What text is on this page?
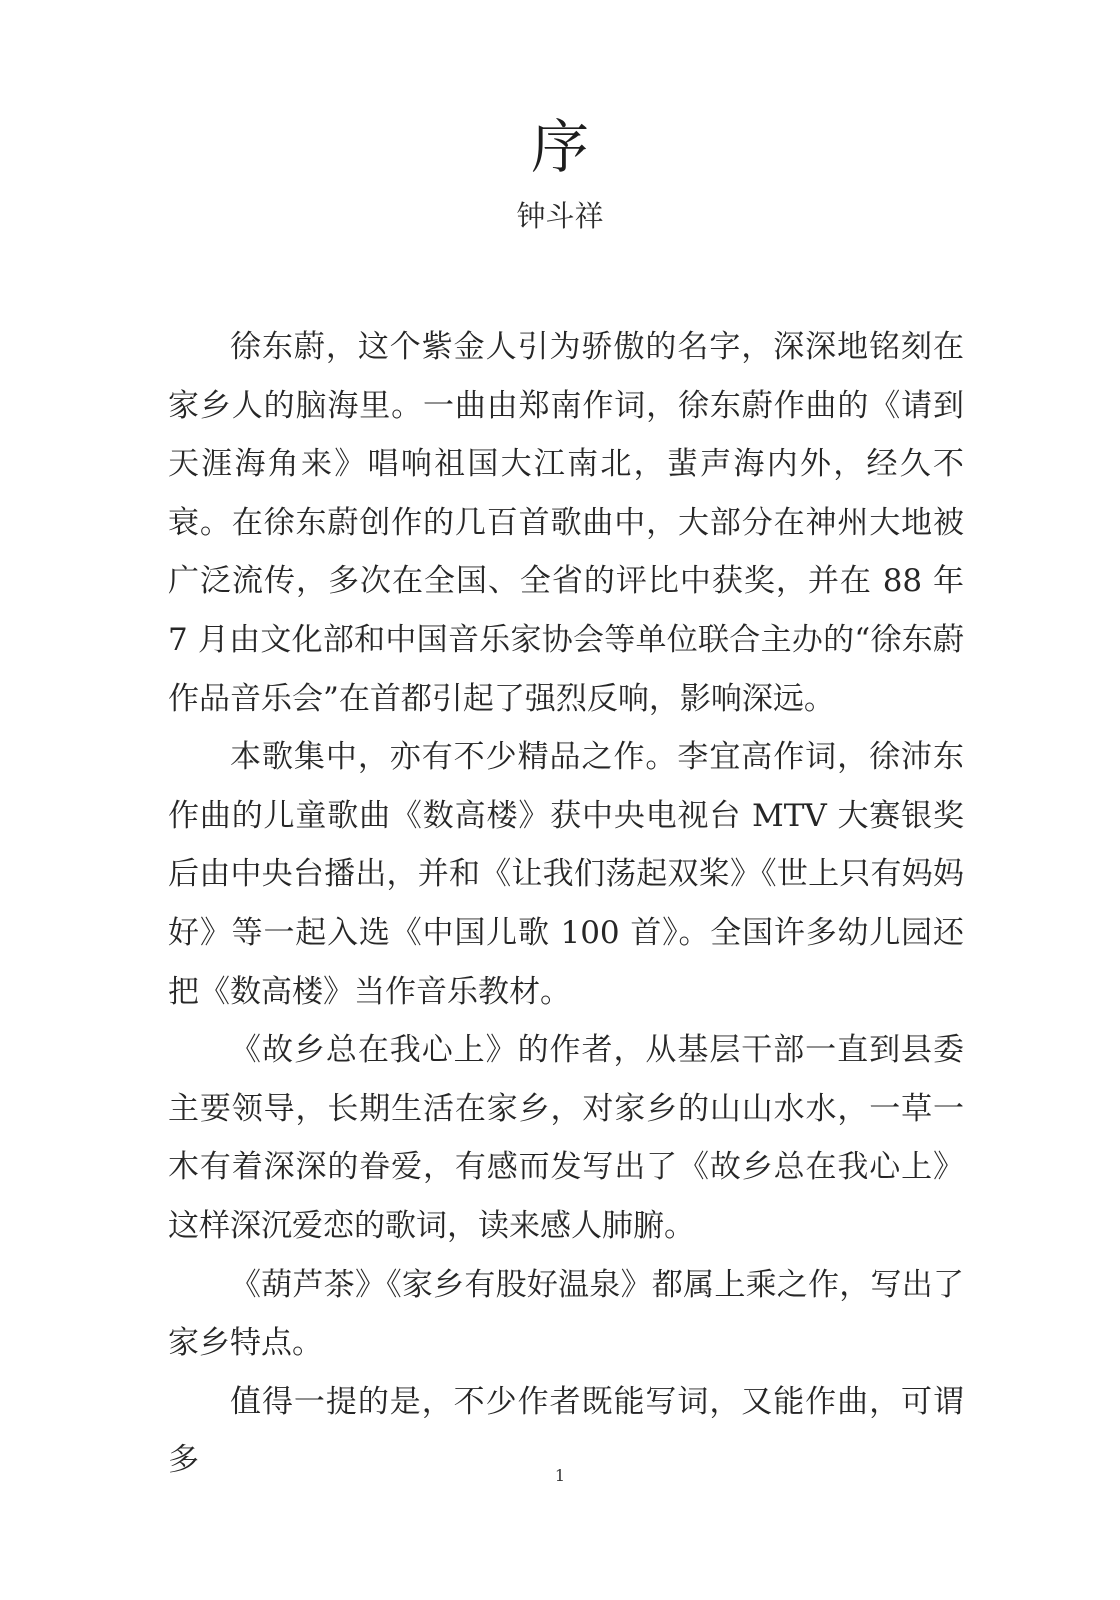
序
钟斗祥

徐东蔚，这个紫金人引为骄傲的名字，深深地铭刻在家乡人的脑海里。一曲由郑南作词，徐东蔚作曲的《请到天涯海角来》唱响祖国大江南北，蜚声海内外，经久不衰。在徐东蔚创作的几百首歌曲中，大部分在神州大地被广泛流传，多次在全国、全省的评比中获奖，并在 88 年 7 月由文化部和中国音乐家协会等单位联合主办的“徐东蔚作品音乐会”在首都引起了强烈反响，影响深远。

本歌集中，亦有不少精品之作。李宜高作词，徐沛东作曲的儿童歌曲《数高楼》获中央电视台 MTV 大赛银奖后由中央台播出，并和《让我们荡起双桨》《世上只有妈妈好》等一起入选《中国儿歌 100 首》。全国许多幼儿园还把《数高楼》当作音乐教材。

《故乡总在我心上》的作者，从基层干部一直到县委主要领导，长期生活在家乡，对家乡的山山水水，一草一木有着深深的眷爱，有感而发写出了《故乡总在我心上》这样深沉爱恋的歌词，读来感人肺腑。

《葫芦茶》《家乡有股好温泉》都属上乘之作，写出了家乡特点。

值得一提的是，不少作者既能写词，又能作曲，可谓多	1
